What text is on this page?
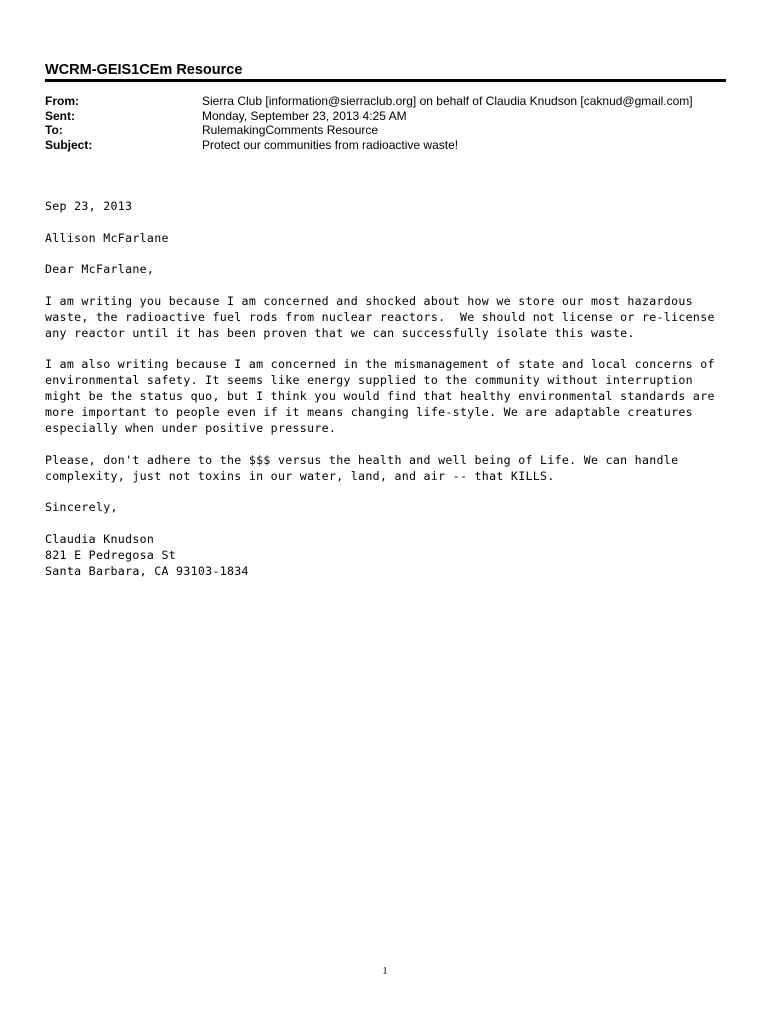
WCRM-GEIS1CEm Resource
From:	Sierra Club [information@sierraclub.org] on behalf of Claudia Knudson [caknud@gmail.com]
Sent:	Monday, September 23, 2013 4:25 AM
To:	RulemakingComments Resource
Subject:	Protect our communities from radioactive waste!
Sep 23, 2013
Allison McFarlane
Dear McFarlane,
I am writing you because I am concerned and shocked about how we store our most hazardous
waste, the radioactive fuel rods from nuclear reactors.  We should not license or re-license
any reactor until it has been proven that we can successfully isolate this waste.
I am also writing because I am concerned in the mismanagement of state and local concerns of
environmental safety. It seems like energy supplied to the community without interruption
might be the status quo, but I think you would find that healthy environmental standards are
more important to people even if it means changing life-style. We are adaptable creatures
especially when under positive pressure.
Please, don't adhere to the $$$ versus the health and well being of Life. We can handle
complexity, just not toxins in our water, land, and air -- that KILLS.
Sincerely,
Claudia Knudson
821 E Pedregosa St
Santa Barbara, CA 93103-1834
1
